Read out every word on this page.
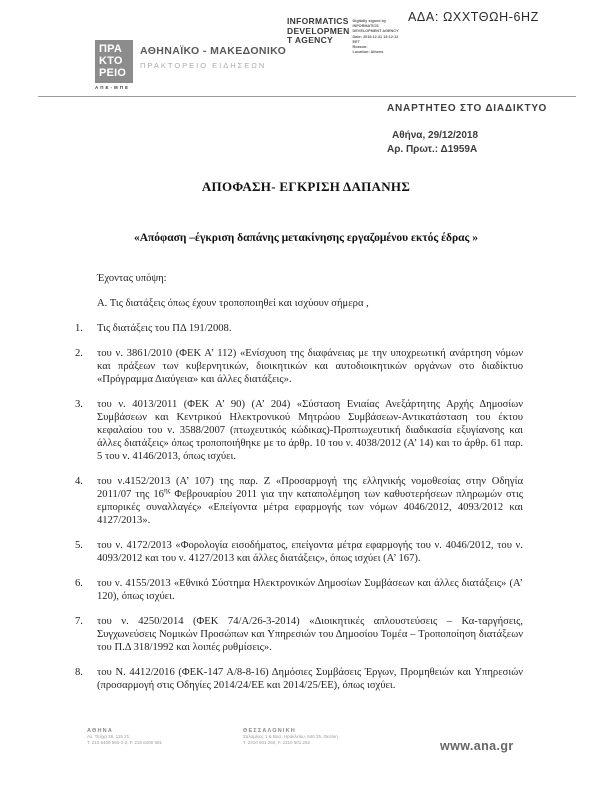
ΑΔΑ: ΩΧΧΤΘΩΗ-6ΗΖ
ΠΡΑ
ΚΤΟ
ΡΕΙΟ
ΑΠΕ-ΜΠΕ
ΑΘΗΝΑΪΚΟ - ΜΑΚΕΔΟΝΙΚΟ
ΠΡΑΚΤΟΡΕΙΟ ΕΙΔΗΣΕΩΝ
INFORMATICS
DEVELOPMEN
T AGENCY
Digitally signed by
INFORMATICS
DEVELOPMENT AGENCY
Date: 2018.12.31 13:12:12
EET
Reason:
Location: Athens
ΑΝΑΡΤΗΤΕΟ ΣΤΟ ΔΙΑΔΙΚΤΥΟ
Αθήνα, 29/12/2018
Αρ. Πρωτ.: Δ1959Α
ΑΠΟΦΑΣΗ- ΕΓΚΡΙΣΗ ΔΑΠΑΝΗΣ
«Απόφαση –έγκριση δαπάνης μετακίνησης εργαζομένου εκτός έδρας »

Έχοντας υπόψη:

Α. Τις διατάξεις όπως έχουν τροποποιηθεί και ισχύουν σήμερα ,

1.	Τις διατάξεις του ΠΔ 191/2008.
2.	του ν. 3861/2010 (ΦΕΚ Α’ 112) «Ενίσχυση της διαφάνειας με την υποχρεωτική ανάρτηση νόμων και πράξεων των κυβερνητικών, διοικητικών και αυτοδιοικητικών οργάνων στο διαδίκτυο «Πρόγραμμα Διαύγεια» και άλλες διατάξεις».
3.	του ν. 4013/2011 (ΦΕΚ Α’ 90) (Α’ 204) «Σύσταση Ενιαίας Ανεξάρτητης Αρχής Δημοσίων Συμβάσεων και Κεντρικού Ηλεκτρονικού Μητρώου Συμβάσεων-Αντικατάσταση του έκτου κεφαλαίου του ν. 3588/2007 (πτωχευτικός κώδικας)-Προπτωχευτική διαδικασία εξυγίανσης και άλλες διατάξεις» όπως τροποποιήθηκε με το άρθρ. 10 του ν. 4038/2012 (Α’ 14) και το άρθρ. 61 παρ. 5 του ν. 4146/2013, όπως ισχύει.
4.	του ν.4152/2013 (Α’ 107) της παρ. Ζ «Προσαρμογή της ελληνικής νομοθεσίας στην Οδηγία 2011/07 της $16^{\eta\varsigma}$ Φεβρουαρίου 2011 για την καταπολέμηση των καθυστερήσεων πληρωμών στις εμπορικές συναλλαγές» «Επείγοντα μέτρα εφαρμογής των νόμων 4046/2012, 4093/2012 και 4127/2013».
5.	του ν. 4172/2013 «Φορολογία εισοδήματος, επείγοντα μέτρα εφαρμογής του ν. 4046/2012, του ν. 4093/2012 και του ν. 4127/2013 και άλλες διατάξεις», όπως ισχύει (Α’ 167).
6.	του ν. 4155/2013 «Εθνικό Σύστημα Ηλεκτρονικών Δημοσίων Συμβάσεων και άλλες διατάξεις» (Α’ 120), όπως ισχύει.
7.	του ν. 4250/2014 (ΦΕΚ 74/Α/26-3-2014) «Διοικητικές απλουστεύσεις – Κα-ταργήσεις, Συγχωνεύσεις Νομικών Προσώπων και Υπηρεσιών του Δημοσίου Τομέα – Τροποποίηση διατάξεων του Π.Δ 318/1992 και λοιπές ρυθμίσεις».
8.	του Ν. 4412/2016 (ΦΕΚ-147 Α/8-8-16) Δημόσιες Συμβάσεις Έργων, Προμηθειών και Υπηρεσιών (προσαρμογή στις Οδηγίες 2014/24/ΕΕ και 2014/25/ΕΕ), όπως ισχύει.
ΑΘΗΝΑ
Αλ. Τσόχα 36, 115 21
Τ. 210 6400 560-1-2, F. 210 6400 581
ΘΕΣΣΑΛΟΝΙΚΗ
Σαλαμίνος 1 & Βασ. Ηρακλείου, 546 25, Θεσ/κη
Τ. 2310 501 260, F. 2310 501 262	www.ana.gr
